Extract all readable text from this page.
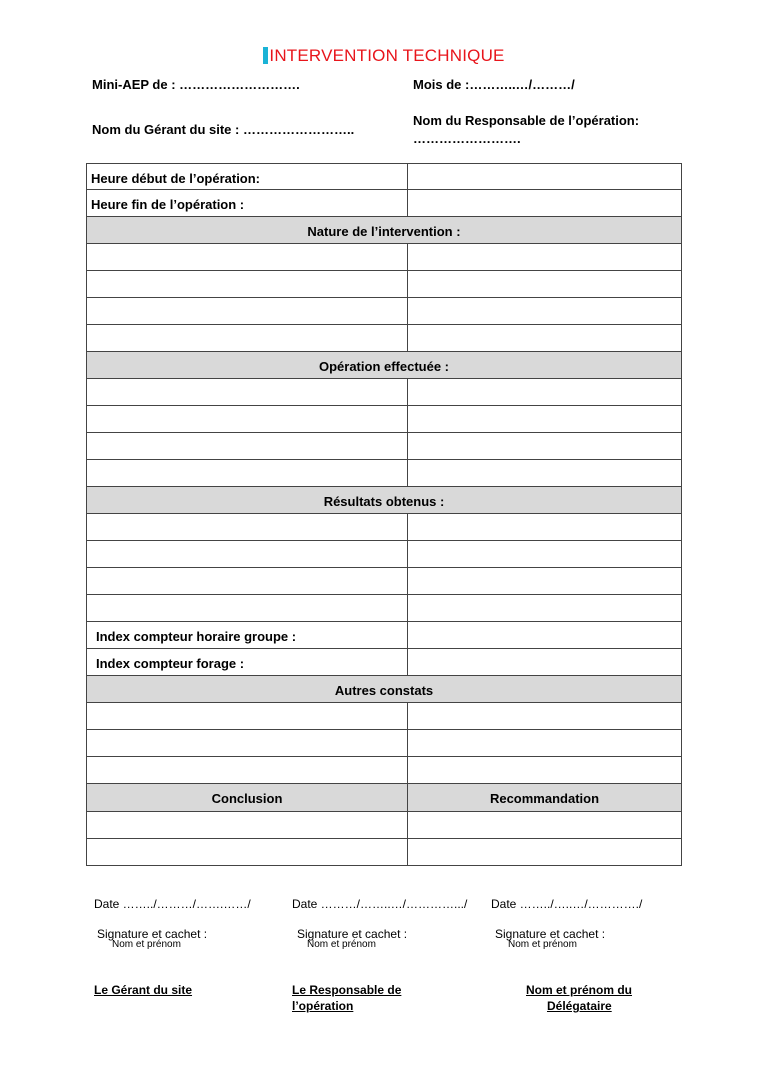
INTERVENTION TECHNIQUE
Mini-AEP de : ……………………….	Mois de :………..…/………/
Nom du Gérant du site : ……………………..
Nom du Responsable de l’opération:
…………………….
Heure début de l’opération:
Heure fin de l’opération :
Nature de l’intervention :
Opération effectuée :
Résultats obtenus :
Index compteur horaire groupe :
Index compteur forage :
Autres constats
Conclusion	Recommandation
Date ……../………/…….……/
Signature et cachet :
Nom et prénom
Le Gérant du site
Date ………/……..…/………….../
Signature et cachet :
Nom et prénom
Le Responsable de
l’opération
Date ……../…..…/…………./
Signature et cachet :
Nom et prénom
Nom et prénom du
Délégataire
